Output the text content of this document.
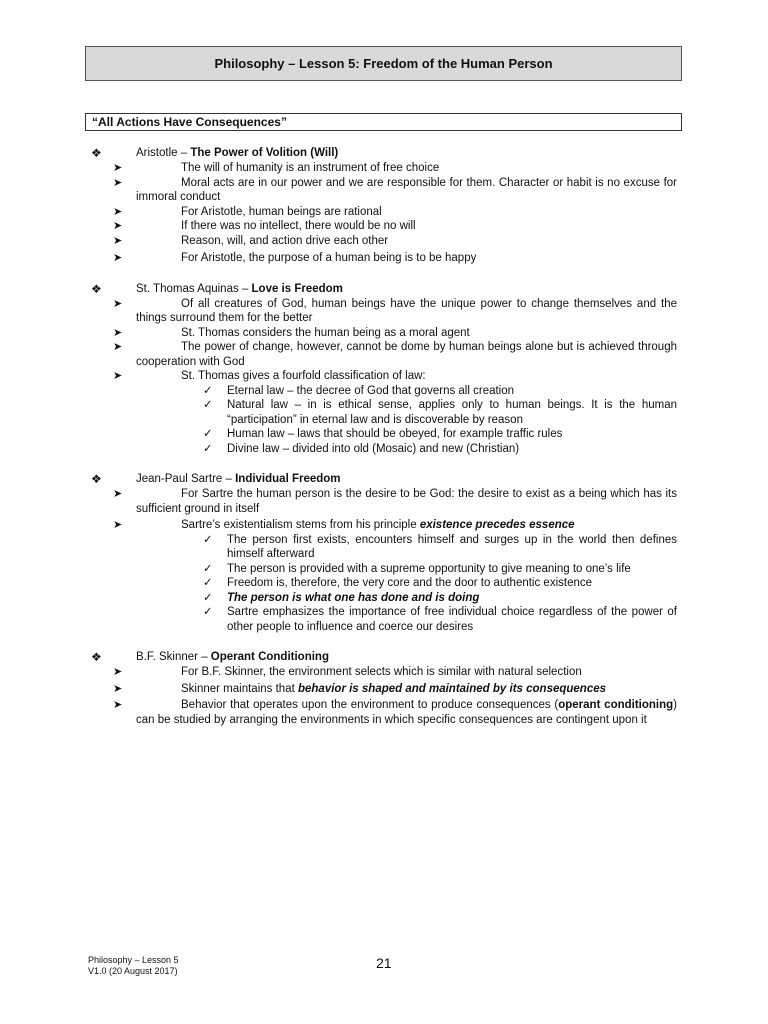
Philosophy – Lesson 5: Freedom of the Human Person
“All Actions Have Consequences”
❖	Aristotle – The Power of Volition (Will)
➤	The will of humanity is an instrument of free choice
➤	Moral acts are in our power and we are responsible for them. Character or habit is no excuse for immoral conduct
➤	For Aristotle, human beings are rational
➤	If there was no intellect, there would be no will
➤	Reason, will, and action drive each other
➤	For Aristotle, the purpose of a human being is to be happy
❖	St. Thomas Aquinas – Love is Freedom
➤	Of all creatures of God, human beings have the unique power to change themselves and the things surround them for the better
➤	St. Thomas considers the human being as a moral agent
➤	The power of change, however, cannot be dome by human beings alone but is achieved through cooperation with God
➤	St. Thomas gives a fourfold classification of law:
✓ Eternal law – the decree of God that governs all creation
✓ Natural law – in is ethical sense, applies only to human beings. It is the human “participation” in eternal law and is discoverable by reason
✓ Human law – laws that should be obeyed, for example traffic rules
✓ Divine law – divided into old (Mosaic) and new (Christian)
❖	Jean-Paul Sartre – Individual Freedom
➤	For Sartre the human person is the desire to be God: the desire to exist as a being which has its sufficient ground in itself
➤	Sartre’s existentialism stems from his principle existence precedes essence
✓ The person first exists, encounters himself and surges up in the world then defines himself afterward
✓ The person is provided with a supreme opportunity to give meaning to one’s life
✓ Freedom is, therefore, the very core and the door to authentic existence
✓ The person is what one has done and is doing
✓ Sartre emphasizes the importance of free individual choice regardless of the power of other people to influence and coerce our desires
❖	B.F. Skinner – Operant Conditioning
➤	For B.F. Skinner, the environment selects which is similar with natural selection
➤	Skinner maintains that behavior is shaped and maintained by its consequences
➤	Behavior that operates upon the environment to produce consequences (operant conditioning) can be studied by arranging the environments in which specific consequences are contingent upon it
Philosophy – Lesson 5
V1.0 (20 August 2017)	21
